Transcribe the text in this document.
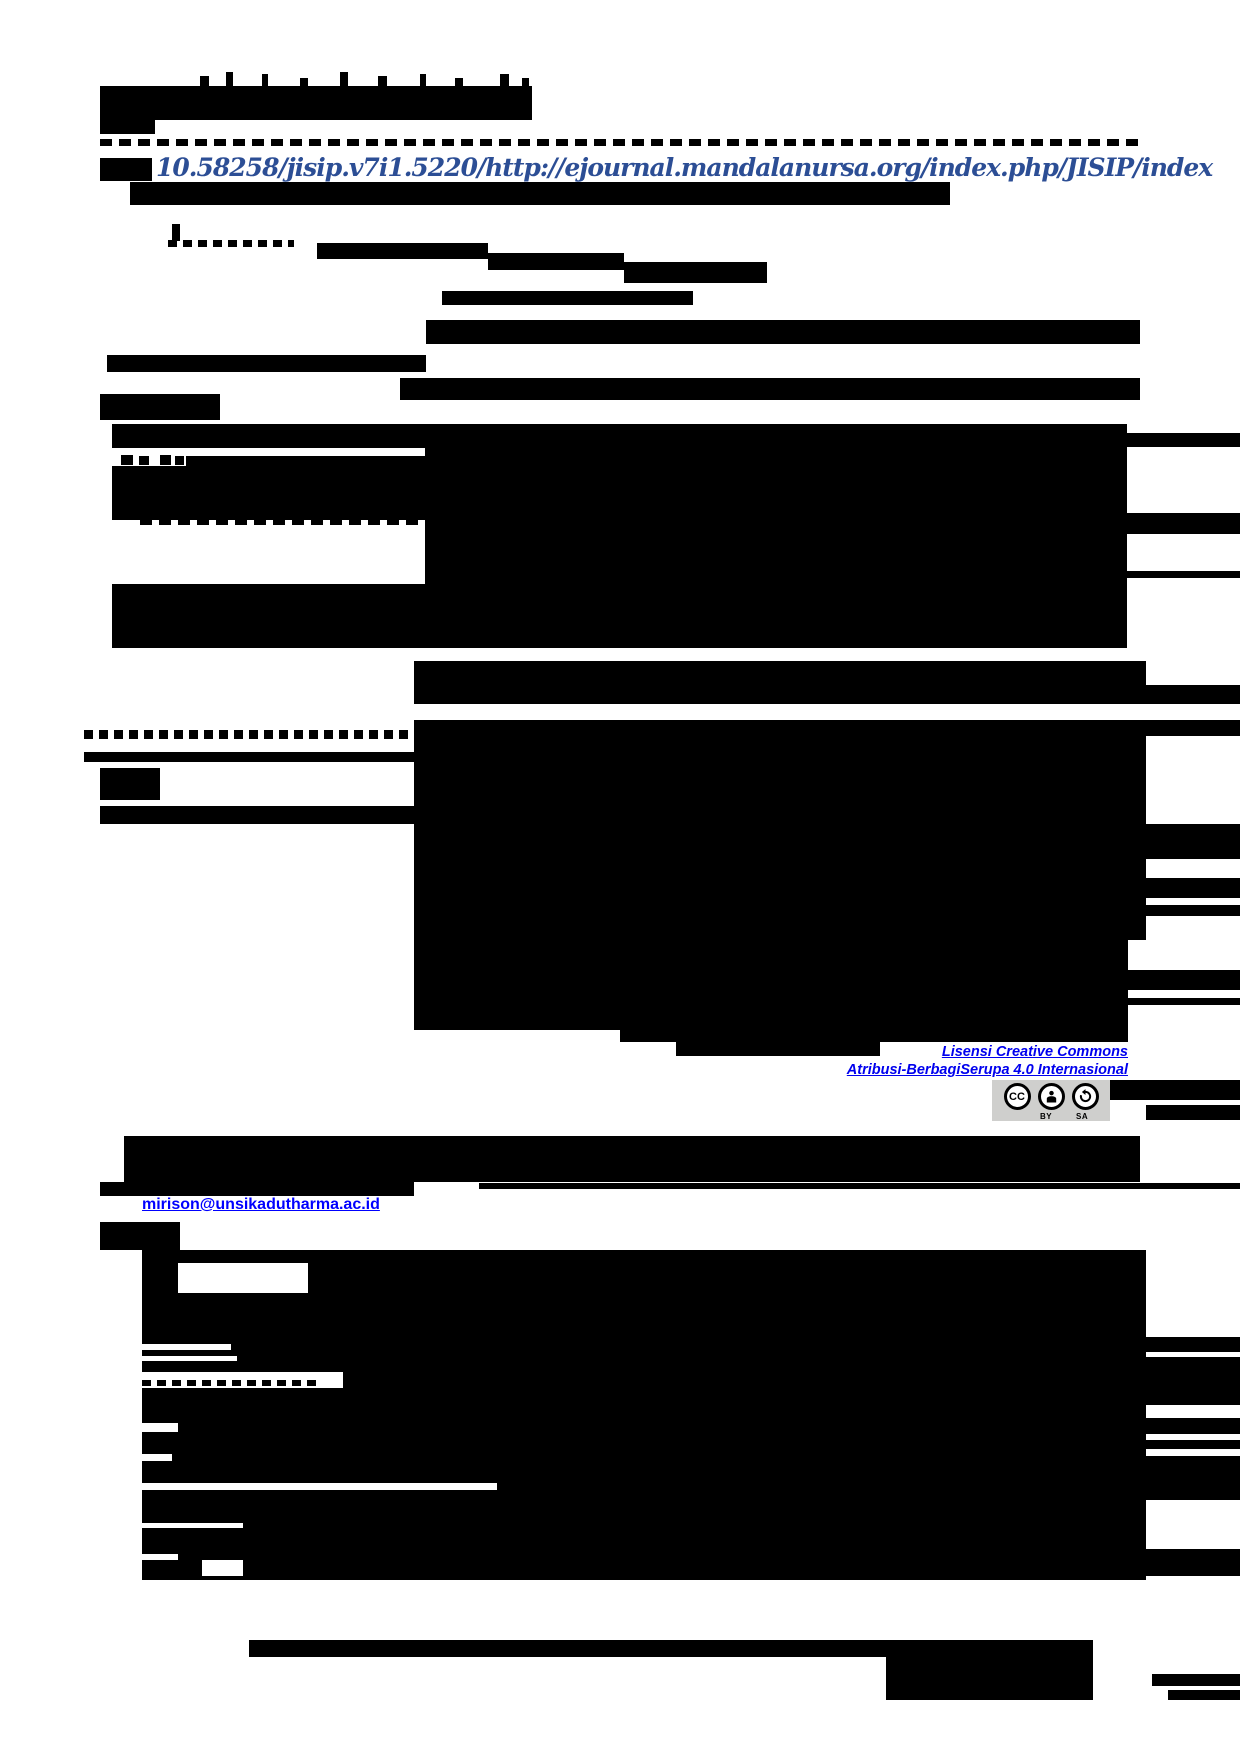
10.58258/jisip.v7i1.5220/http://ejournal.mandalanursa.org/index.php/JISIP/index
Lisensi Creative Commons
Atribusi-BerbagiSerupa 4.0 Internasional
CC
BY	SA
mirison@unsikadutharma.ac.id
